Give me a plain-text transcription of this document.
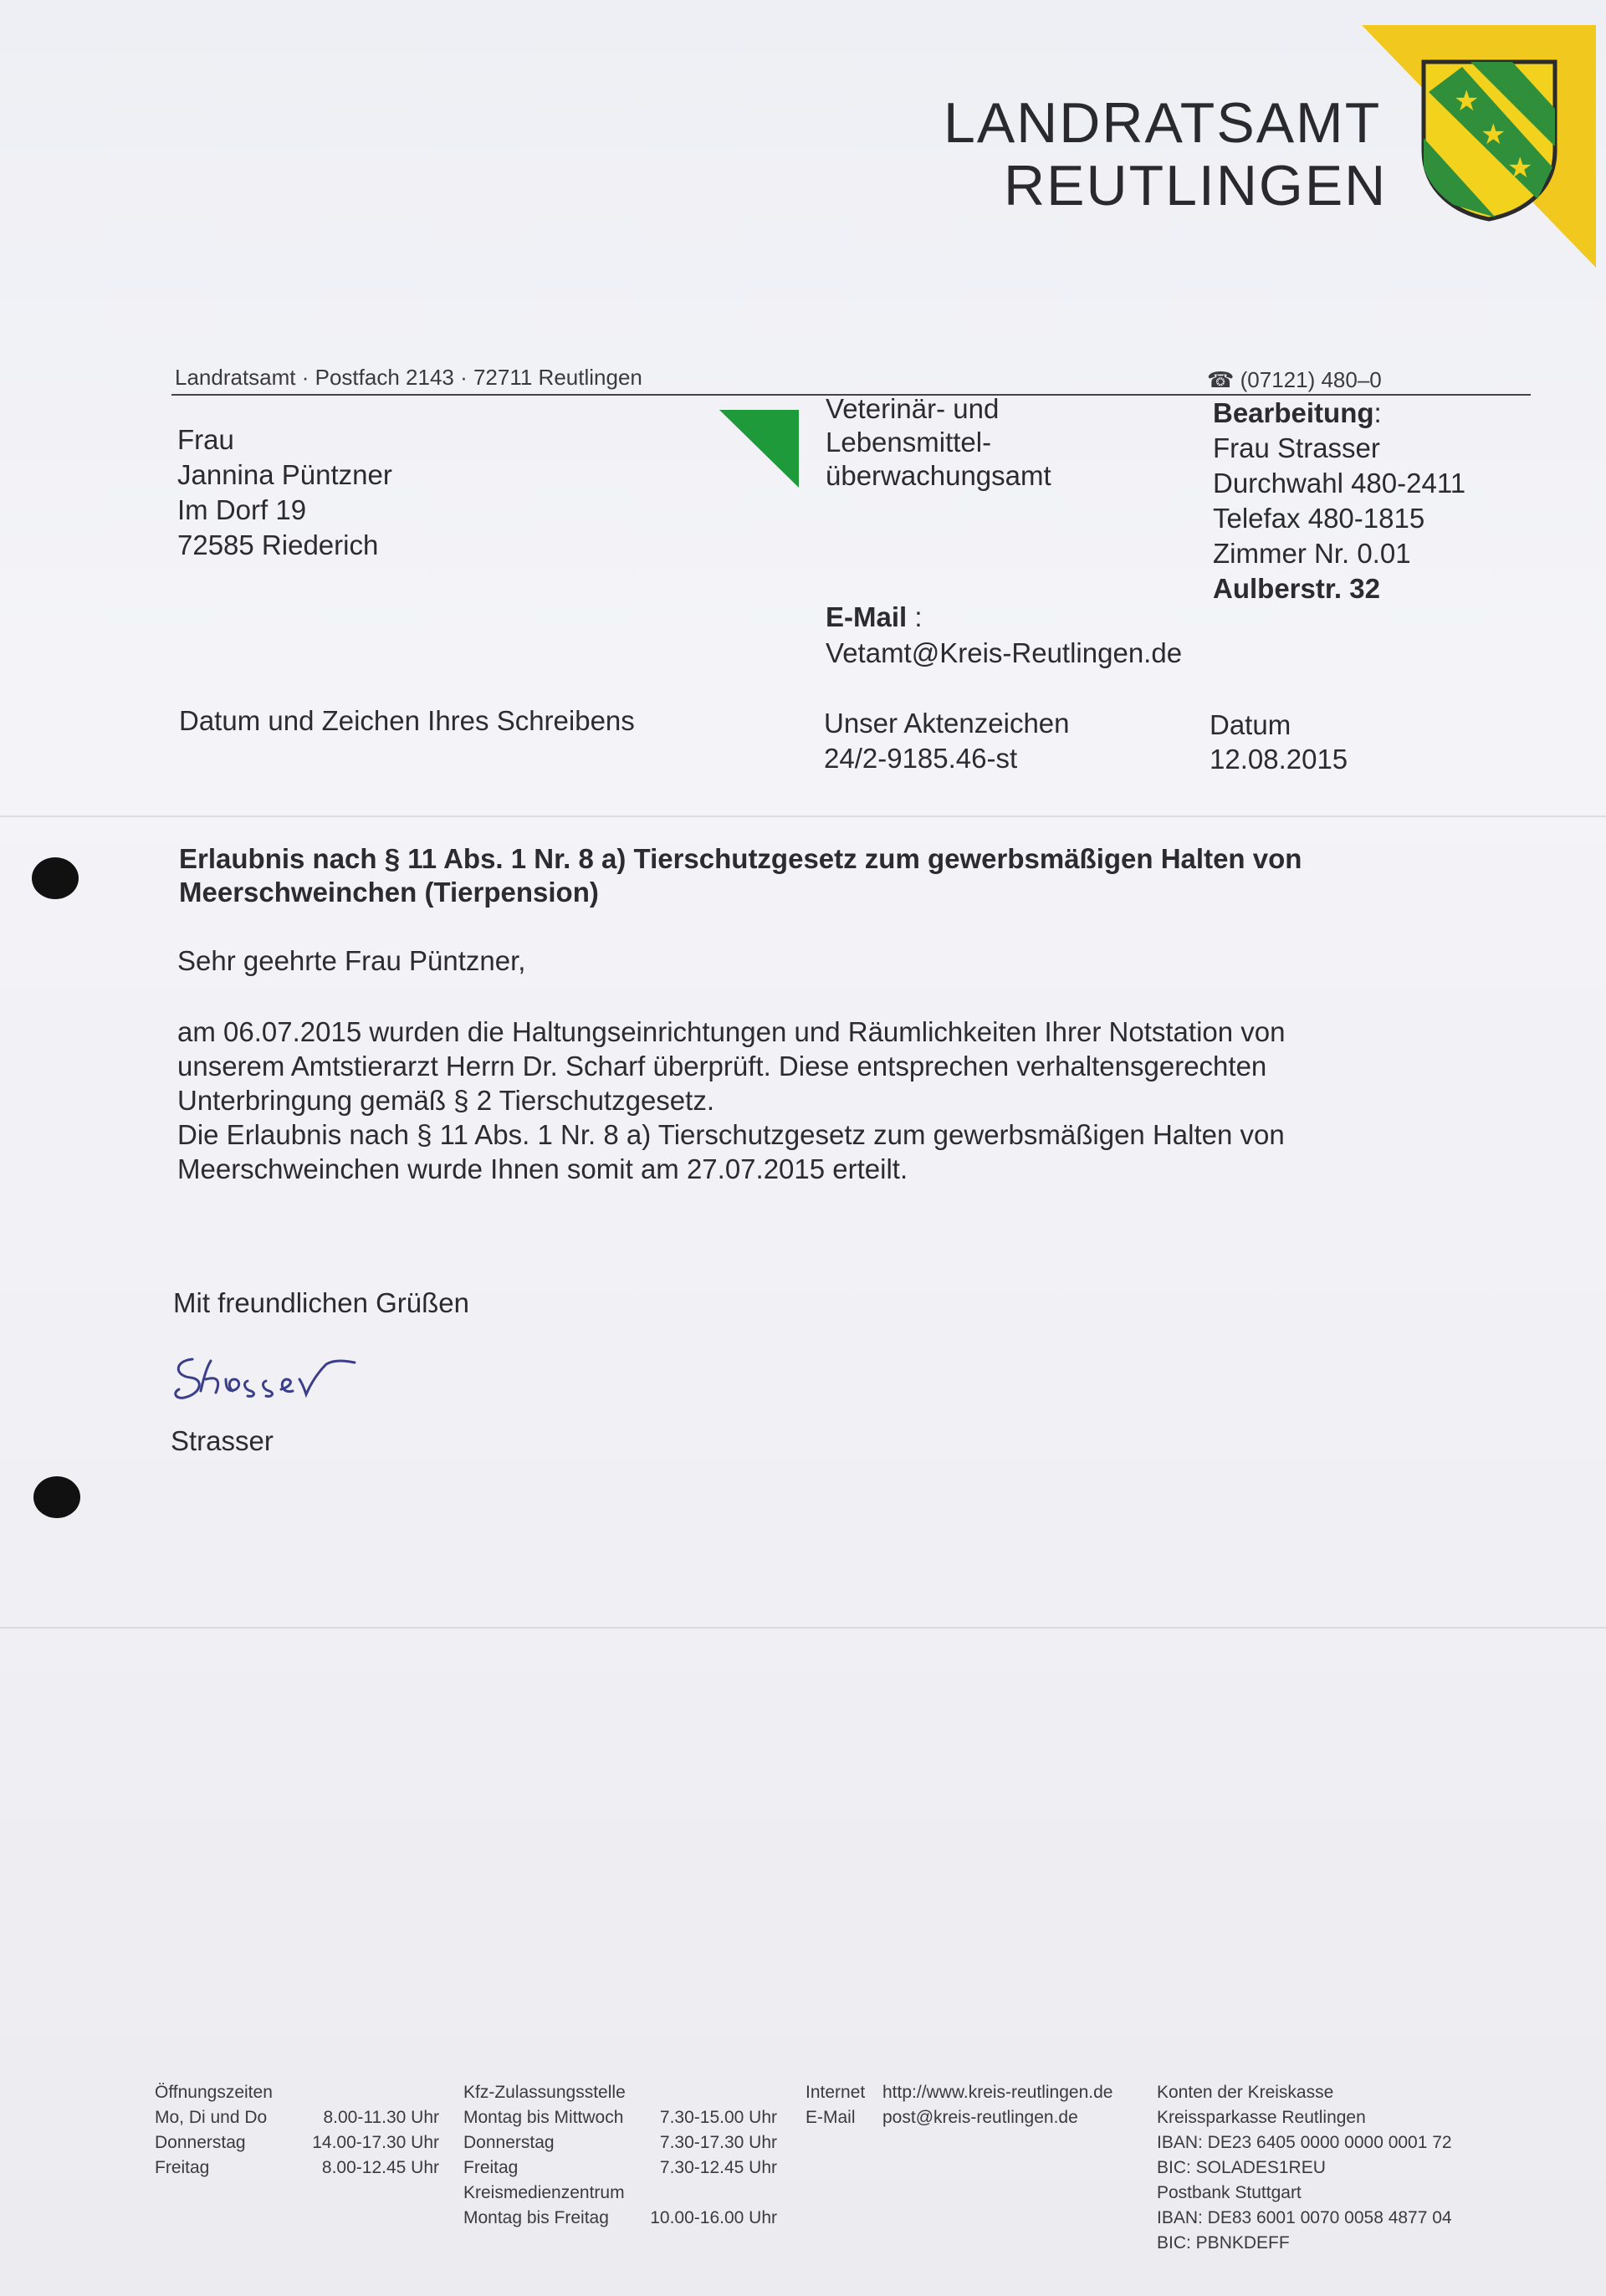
★
★
★
LANDRATSAMT
REUTLINGEN
Landratsamt · Postfach 2143 · 72711 Reutlingen	☎ (07121) 480–0
Frau
Jannina Püntzner
Im Dorf 19
72585 Riederich
Veterinär- und
Lebensmittel-
überwachungsamt
E-Mail :
Vetamt@Kreis-Reutlingen.de
Bearbeitung:
Frau Strasser
Durchwahl 480-2411
Telefax 480-1815
Zimmer Nr. 0.01
Aulberstr. 32
Datum und Zeichen Ihres Schreibens	Unser Aktenzeichen
24/2-9185.46-st
Datum
12.08.2015
Erlaubnis nach § 11 Abs. 1 Nr. 8 a) Tierschutzgesetz zum gewerbsmäßigen Halten von
Meerschweinchen (Tierpension)
Sehr geehrte Frau Püntzner,
am 06.07.2015 wurden die Haltungseinrichtungen und Räumlichkeiten Ihrer Notstation von
unserem Amtstierarzt Herrn Dr. Scharf überprüft. Diese entsprechen verhaltensgerechten
Unterbringung gemäß § 2 Tierschutzgesetz.
Die Erlaubnis nach § 11 Abs. 1 Nr. 8 a) Tierschutzgesetz zum gewerbsmäßigen Halten von
Meerschweinchen wurde Ihnen somit am 27.07.2015 erteilt.
Mit freundlichen Grüßen
Strasser
Öffnungszeiten
Mo, Di und Do	8.00-11.30 Uhr
Donnerstag	14.00-17.30 Uhr
Freitag	8.00-12.45 Uhr
Kfz-Zulassungsstelle
Montag bis Mittwoch	7.30-15.00 Uhr
Donnerstag	7.30-17.30 Uhr
Freitag	7.30-12.45 Uhr
Kreismedienzentrum
Montag bis Freitag	10.00-16.00 Uhr
Internet http://www.kreis-reutlingen.de
E-Mail	post@kreis-reutlingen.de
Konten der Kreiskasse
Kreissparkasse Reutlingen
IBAN: DE23 6405 0000 0000 0001 72
BIC: SOLADES1REU
Postbank Stuttgart
IBAN: DE83 6001 0070 0058 4877 04
BIC: PBNKDEFF
